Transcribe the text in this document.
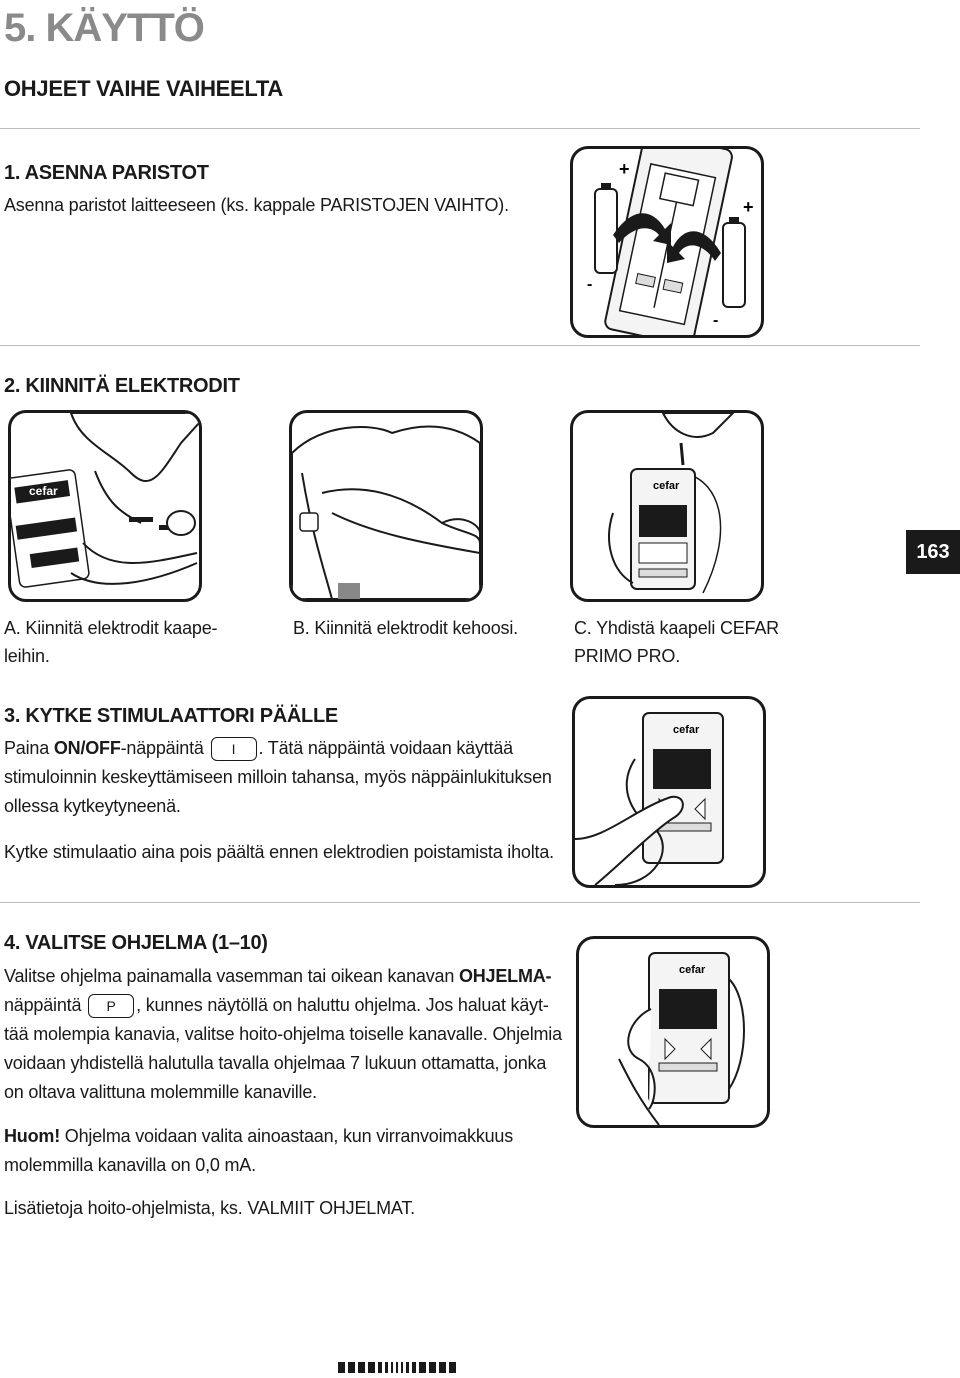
5. KÄYTTÖ
OHJEET VAIHE VAIHEELTA
1. ASENNA PARISTOT
Asenna paristot laitteeseen (ks. kappale PARISTOJEN VAIHTO).
+
+
-
-
2. KIINNITÄ ELEKTRODIT
cefar	cefar
A. Kiinnitä elektrodit kaape-
leihin.
B. Kiinnitä elektrodit kehoosi.	C. Yhdistä kaapeli CEFAR
PRIMO PRO.
163
3. KYTKE STIMULAATTORI PÄÄLLE
Paina ON/OFF-näppäintä I . Tätä näppäintä voidaan käyttää
stimuloinnin keskeyttämiseen milloin tahansa, myös näppäinlukituksen
ollessa kytkeytyneenä.
Kytke stimulaatio aina pois päältä ennen elektrodien poistamista iholta.
cefar
4. VALITSE OHJELMA (1–10)
Valitse ohjelma painamalla vasemman tai oikean kanavan OHJELMA-
näppäintä P , kunnes näytöllä on haluttu ohjelma. Jos haluat käyt-
tää molempia kanavia, valitse hoito-ohjelma toiselle kanavalle. Ohjelmia
voidaan yhdistellä halutulla tavalla ohjelmaa 7 lukuun ottamatta, jonka
on oltava valittuna molemmille kanaville.
Huom! Ohjelma voidaan valita ainoastaan, kun virranvoimakkuus
molemmilla kanavilla on 0,0 mA.
Lisätietoja hoito-ohjelmista, ks. VALMIIT OHJELMAT.
cefar
